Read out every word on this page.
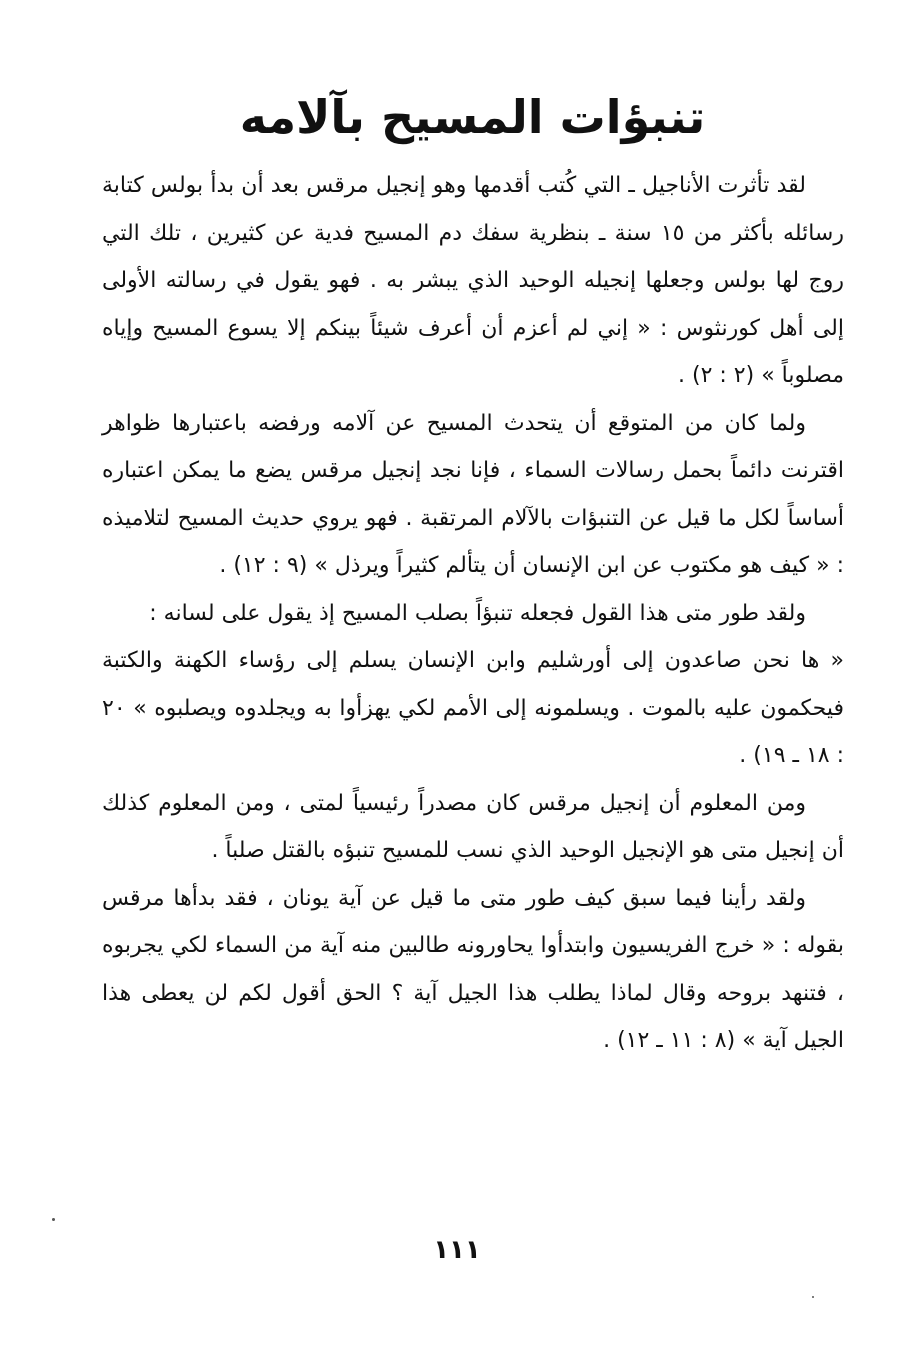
تنبؤات المسيح بآلامه

لقد تأثرت الأناجيل ـ التي كُتب أقدمها وهو إنجيل مرقس بعد أن بدأ بولس كتابة رسائله بأكثر من ١٥ سنة ـ بنظرية سفك دم المسيح فدية عن كثيرين ، تلك التي روج لها بولس وجعلها إنجيله الوحيد الذي يبشر به . فهو يقول في رسالته الأولى إلى أهل كورنثوس : « إني لم أعزم أن أعرف شيئاً بينكم إلا يسوع المسيح وإياه مصلوباً » (٢ : ٢) .

ولما كان من المتوقع أن يتحدث المسيح عن آلامه ورفضه باعتبارها ظواهر اقترنت دائماً بحمل رسالات السماء ، فإنا نجد إنجيل مرقس يضع ما يمكن اعتباره أساساً لكل ما قيل عن التنبؤات بالآلام المرتقبة . فهو يروي حديث المسيح لتلاميذه : « كيف هو مكتوب عن ابن الإنسان أن يتألم كثيراً ويرذل » (٩ : ١٢) .

ولقد طور متى هذا القول فجعله تنبؤاً بصلب المسيح إذ يقول على لسانه :

« ها نحن صاعدون إلى أورشليم وابن الإنسان يسلم إلى رؤساء الكهنة والكتبة فيحكمون عليه بالموت . ويسلمونه إلى الأمم لكي يهزأوا به ويجلدوه ويصلبوه » ٢٠ : ١٨ ـ ١٩) .

ومن المعلوم أن إنجيل مرقس كان مصدراً رئيسياً لمتى ، ومن المعلوم كذلك أن إنجيل متى هو الإنجيل الوحيد الذي نسب للمسيح تنبؤه بالقتل صلباً .

ولقد رأينا فيما سبق كيف طور متى ما قيل عن آية يونان ، فقد بدأها مرقس بقوله : « خرج الفريسيون وابتدأوا يحاورونه طالبين منه آية من السماء لكي يجربوه ، فتنهد بروحه وقال لماذا يطلب هذا الجيل آية ؟ الحق أقول لكم لن يعطى هذا الجيل آية » (٨ : ١١ ـ ١٢) .

١١١
